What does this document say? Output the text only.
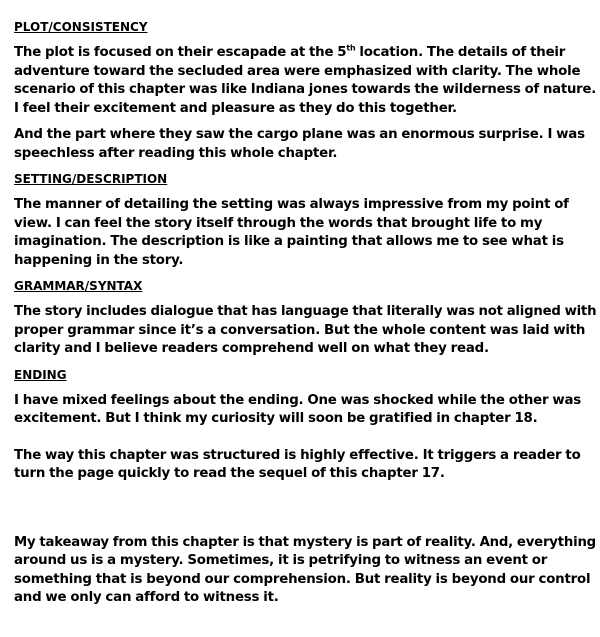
PLOT/CONSISTENCY
The plot is focused on their escapade at the 5th location. The details of their
adventure toward the secluded area were emphasized with clarity. The whole
scenario of this chapter was like Indiana jones towards the wilderness of nature.
I feel their excitement and pleasure as they do this together.
And the part where they saw the cargo plane was an enormous surprise. I was
speechless after reading this whole chapter.
SETTING/DESCRIPTION
The manner of detailing the setting was always impressive from my point of
view. I can feel the story itself through the words that brought life to my
imagination. The description is like a painting that allows me to see what is
happening in the story.
GRAMMAR/SYNTAX
The story includes dialogue that has language that literally was not aligned with
proper grammar since it’s a conversation. But the whole content was laid with
clarity and I believe readers comprehend well on what they read.
ENDING
I have mixed feelings about the ending. One was shocked while the other was
excitement. But I think my curiosity will soon be gratified in chapter 18.
The way this chapter was structured is highly effective. It triggers a reader to
turn the page quickly to read the sequel of this chapter 17.
My takeaway from this chapter is that mystery is part of reality. And, everything
around us is a mystery. Sometimes, it is petrifying to witness an event or
something that is beyond our comprehension. But reality is beyond our control
and we only can afford to witness it.
